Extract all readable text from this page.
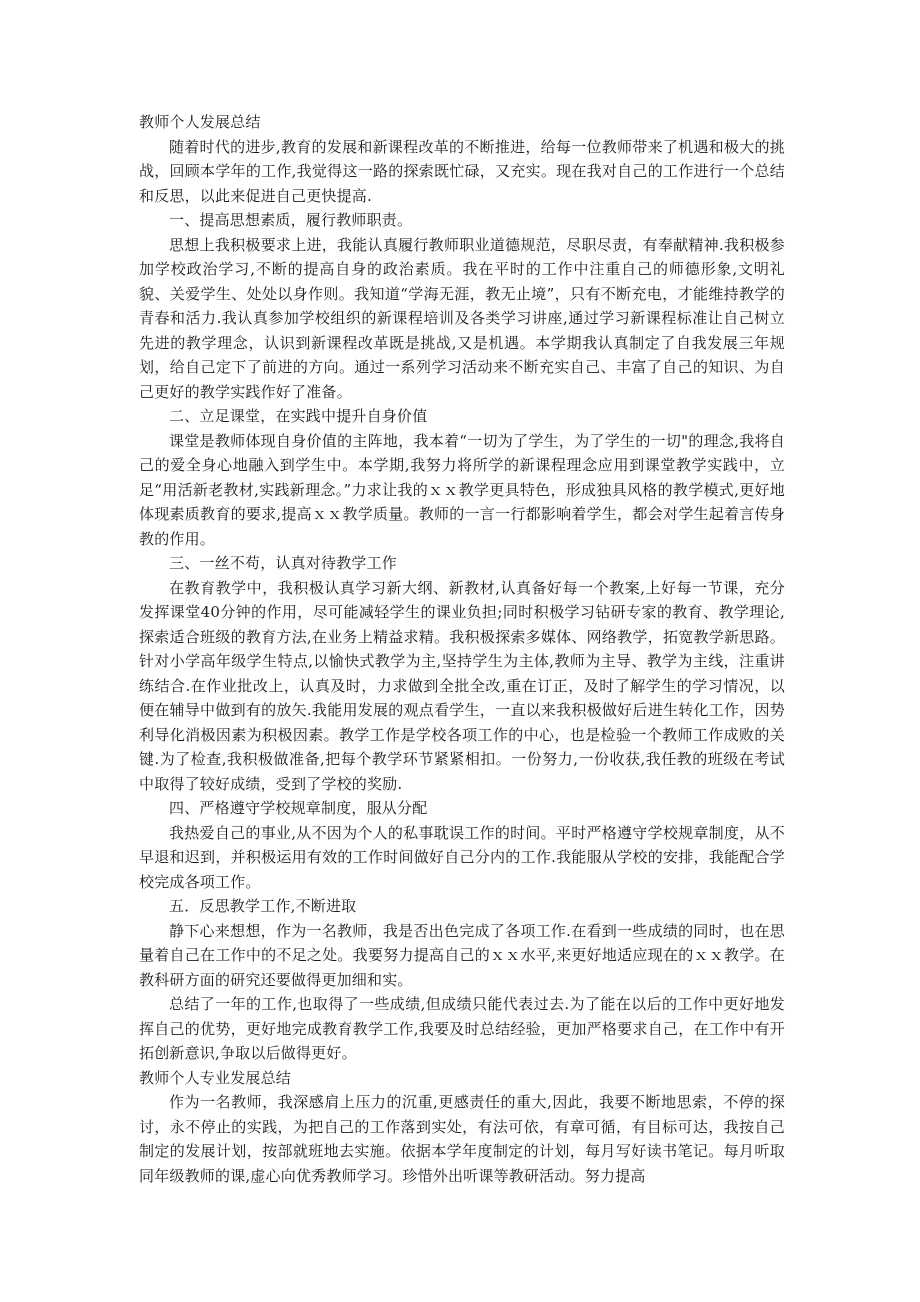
教师个人发展总结

随着时代的进步,教育的发展和新课程改革的不断推进，给每一位教师带来了机遇和极大的挑战，回顾本学年的工作,我觉得这一路的探索既忙碌，又充实。现在我对自己的工作进行一个总结和反思，以此来促进自己更快提高.

一、提高思想素质，履行教师职责。

思想上我积极要求上进，我能认真履行教师职业道德规范，尽职尽责，有奉献精神.我积极参加学校政治学习,不断的提高自身的政治素质。我在平时的工作中注重自己的师德形象,文明礼貌、关爱学生、处处以身作则。我知道“学海无涯，教无止境”，只有不断充电，才能维持教学的青春和活力.我认真参加学校组织的新课程培训及各类学习讲座,通过学习新课程标准让自己树立先进的教学理念，认识到新课程改革既是挑战,又是机遇。本学期我认真制定了自我发展三年规划，给自己定下了前进的方向。通过一系列学习活动来不断充实自己、丰富了自己的知识、为自己更好的教学实践作好了准备。

二、立足课堂，在实践中提升自身价值

课堂是教师体现自身价值的主阵地，我本着“一切为了学生，为了学生的一切"的理念,我将自己的爱全身心地融入到学生中。本学期,我努力将所学的新课程理念应用到课堂教学实践中，立足“用活新老教材,实践新理念。”力求让我的ｘｘ教学更具特色，形成独具风格的教学模式,更好地体现素质教育的要求,提高ｘｘ教学质量。教师的一言一行都影响着学生，都会对学生起着言传身教的作用。

三、一丝不苟，认真对待教学工作

在教育教学中，我积极认真学习新大纲、新教材,认真备好每一个教案,上好每一节课，充分发挥课堂40分钟的作用，尽可能减轻学生的课业负担;同时积极学习钻研专家的教育、教学理论,探索适合班级的教育方法,在业务上精益求精。我积极探索多媒体、网络教学，拓宽教学新思路。针对小学高年级学生特点,以愉快式教学为主,坚持学生为主体,教师为主导、教学为主线，注重讲练结合.在作业批改上，认真及时，力求做到全批全改,重在订正，及时了解学生的学习情况，以便在辅导中做到有的放矢.我能用发展的观点看学生，一直以来我积极做好后进生转化工作，因势利导化消极因素为积极因素。教学工作是学校各项工作的中心，也是检验一个教师工作成败的关键.为了检查,我积极做准备,把每个教学环节紧紧相扣。一份努力,一份收获,我任教的班级在考试中取得了较好成绩，受到了学校的奖励.

四、严格遵守学校规章制度，服从分配

我热爱自己的事业,从不因为个人的私事耽误工作的时间。平时严格遵守学校规章制度，从不早退和迟到，并积极运用有效的工作时间做好自己分内的工作.我能服从学校的安排，我能配合学校完成各项工作。

五．反思教学工作,不断进取

静下心来想想，作为一名教师，我是否出色完成了各项工作.在看到一些成绩的同时，也在思量着自己在工作中的不足之处。我要努力提高自己的ｘｘ水平,来更好地适应现在的ｘｘ教学。在教科研方面的研究还要做得更加细和实。

总结了一年的工作,也取得了一些成绩,但成绩只能代表过去.为了能在以后的工作中更好地发挥自己的优势，更好地完成教育教学工作,我要及时总结经验，更加严格要求自己，在工作中有开拓创新意识,争取以后做得更好。

教师个人专业发展总结

作为一名教师，我深感肩上压力的沉重,更感责任的重大,因此，我要不断地思索，不停的探讨，永不停止的实践，为把自己的工作落到实处，有法可依，有章可循，有目标可达，我按自己制定的发展计划，按部就班地去实施。依据本学年度制定的计划，每月写好读书笔记。每月听取同年级教师的课,虚心向优秀教师学习。珍惜外出听课等教研活动。努力提高
